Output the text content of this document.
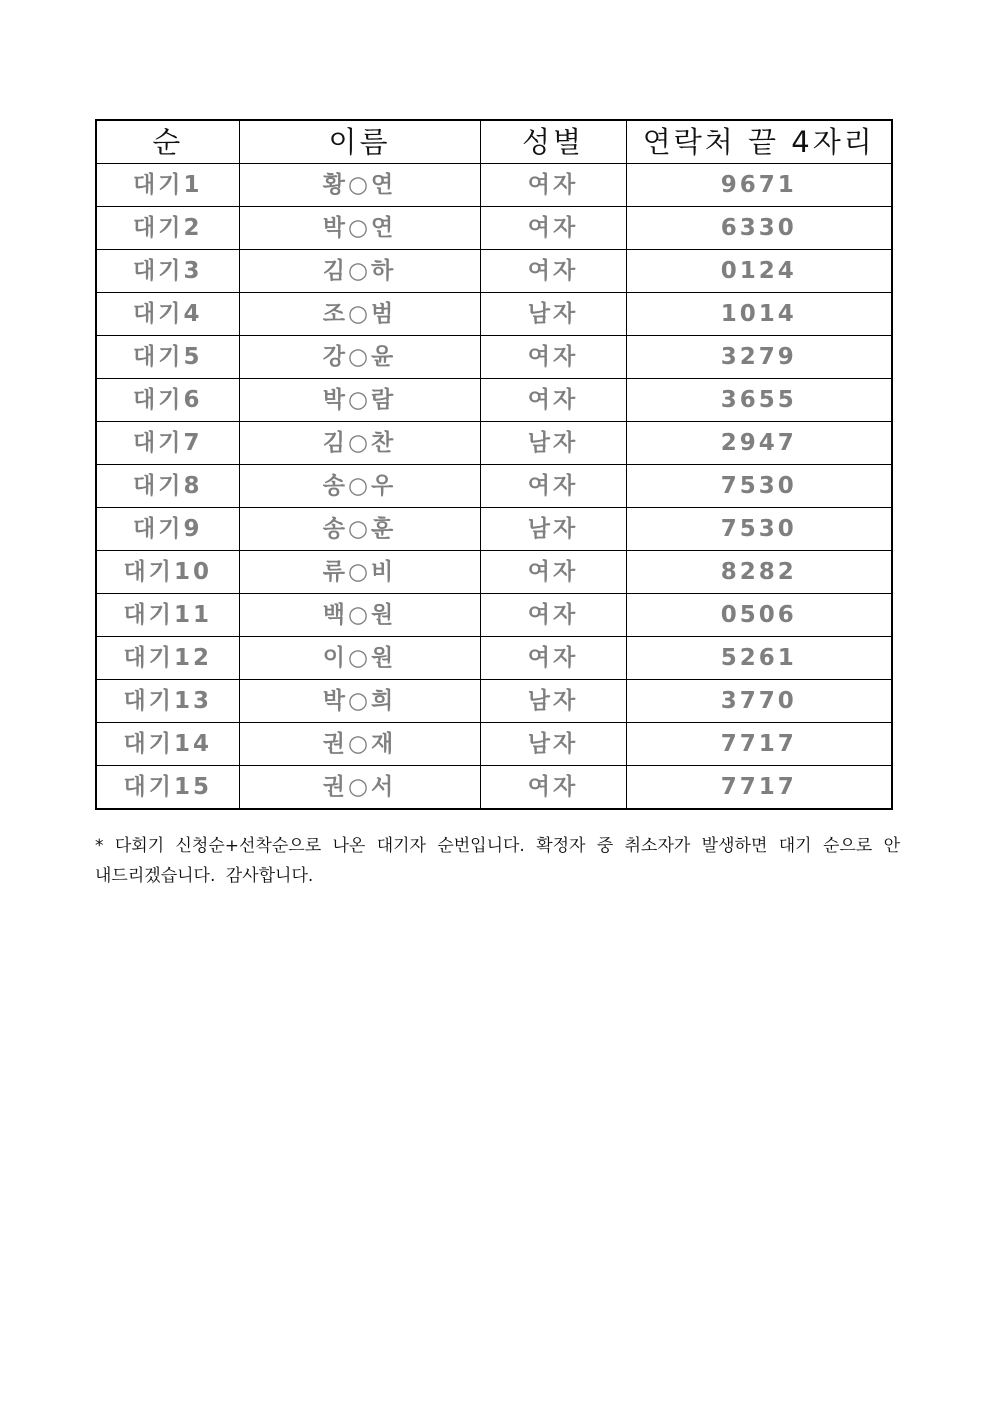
순	이름	성별	연락처 끝 4자리
대기1	황○연	여자	9671
대기2	박○연	여자	6330
대기3	김○하	여자	0124
대기4	조○범	남자	1014
대기5	강○윤	여자	3279
대기6	박○람	여자	3655
대기7	김○찬	남자	2947
대기8	송○우	여자	7530
대기9	송○훈	남자	7530
대기10	류○비	여자	8282
대기11	백○원	여자	0506
대기12	이○원	여자	5261
대기13	박○희	남자	3770
대기14	권○재	남자	7717
대기15	권○서	여자	7717

* 다회기 신청순+선착순으로 나온 대기자 순번입니다. 확정자 중 취소자가 발생하면 대기 순으로 안내드리겠습니다. 감사합니다.
